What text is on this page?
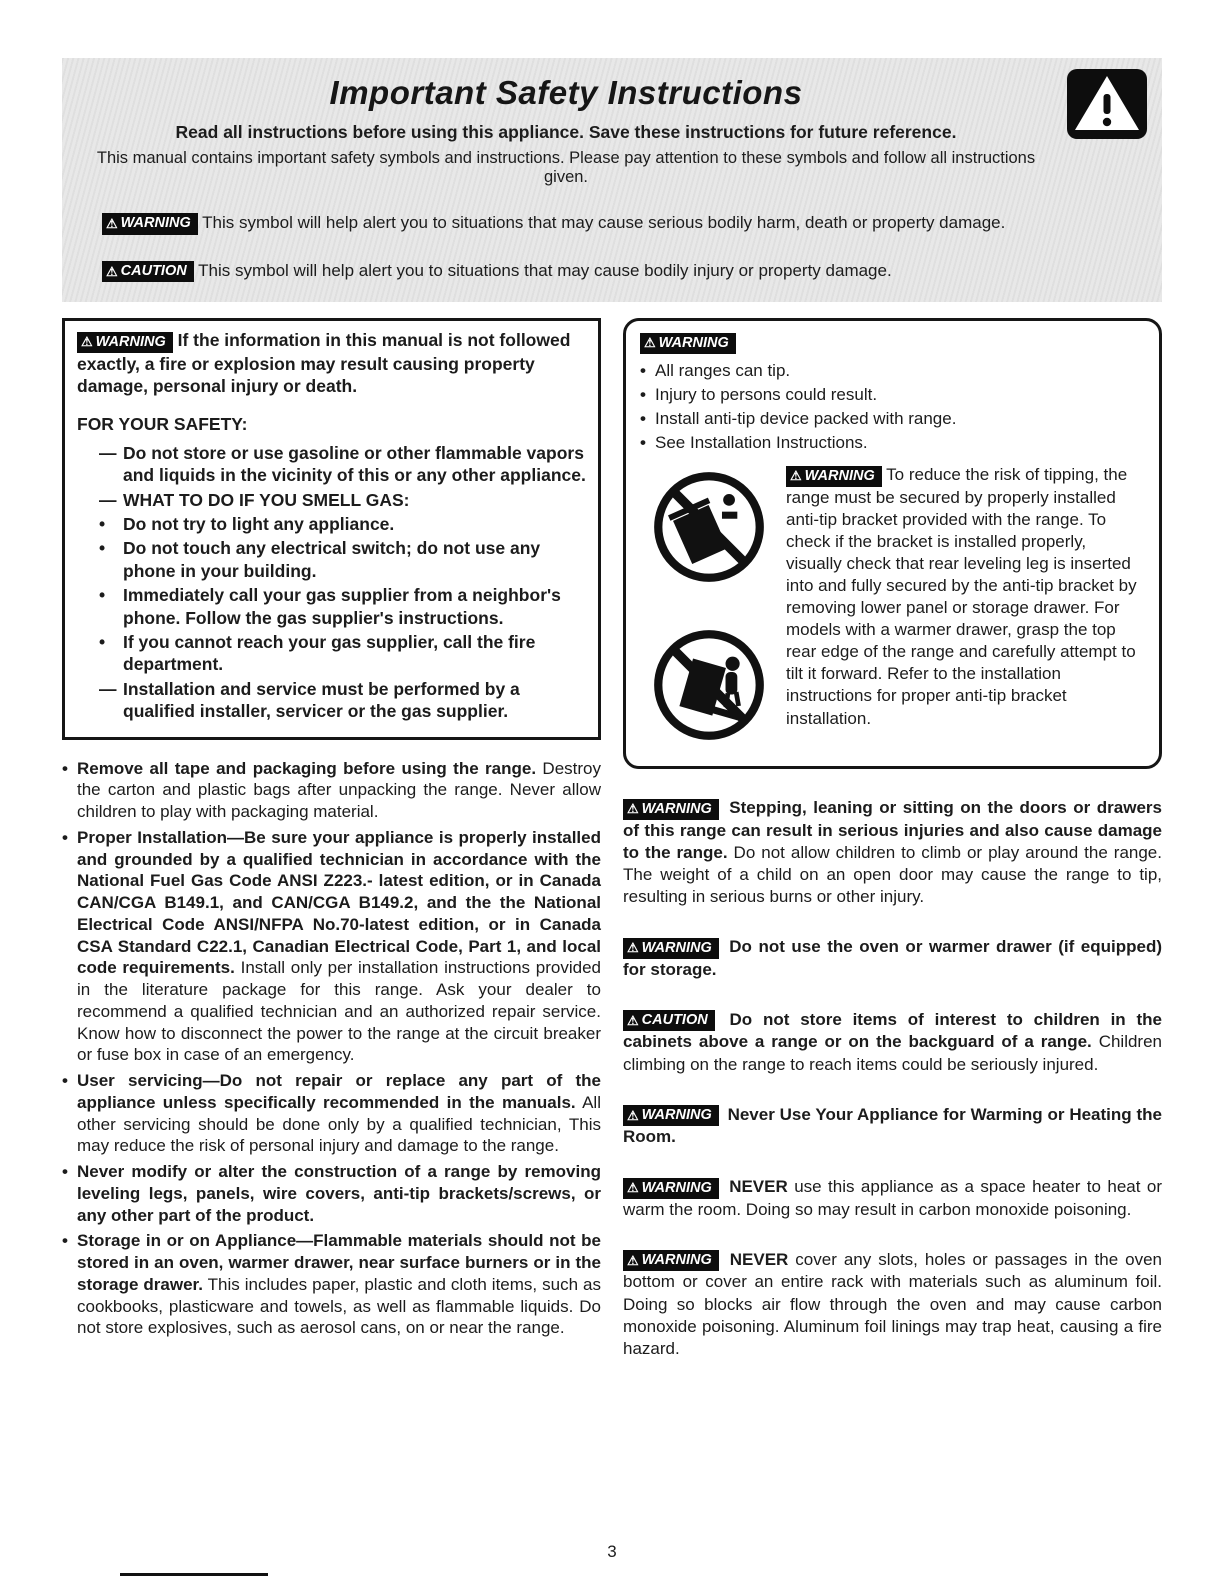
Important Safety Instructions

Read all instructions before using this appliance. Save these instructions for future reference.

This manual contains important safety symbols and instructions. Please pay attention to these symbols and follow all instructions given.

⚠ WARNING This symbol will help alert you to situations that may cause serious bodily harm, death or property damage.

⚠ CAUTION This symbol will help alert you to situations that may cause bodily injury or property damage.

⚠ WARNING If the information in this manual is not followed exactly, a fire or explosion may result causing property damage, personal injury or death.

FOR YOUR SAFETY:

— Do not store or use gasoline or other flammable vapors and liquids in the vicinity of this or any other appliance.
— WHAT TO DO IF YOU SMELL GAS:
•	Do not try to light any appliance.
•	Do not touch any electrical switch; do not use any phone in your building.
•	Immediately call your gas supplier from a neighbor's phone. Follow the gas supplier's instructions.
•	If you cannot reach your gas supplier, call the fire department.
— Installation and service must be performed by a qualified installer, servicer or the gas supplier.
• Remove all tape and packaging before using the range. Destroy the carton and plastic bags after unpacking the range. Never allow children to play with packaging material.
• Proper Installation—Be sure your appliance is properly installed and grounded by a qualified technician in accordance with the National Fuel Gas Code ANSI Z223.- latest edition, or in Canada CAN/CGA B149.1, and CAN/CGA B149.2, and the the National Electrical Code ANSI/NFPA No.70-latest edition, or in Canada CSA Standard C22.1, Canadian Electrical Code, Part 1, and local code requirements. Install only per installation instructions provided in the literature package for this range. Ask your dealer to recommend a qualified technician and an authorized repair service. Know how to disconnect the power to the range at the circuit breaker or fuse box in case of an emergency.
• User servicing—Do not repair or replace any part of the appliance unless specifically recommended in the manuals. All other servicing should be done only by a qualified technician, This may reduce the risk of personal injury and damage to the range.
• Never modify or alter the construction of a range by removing leveling legs, panels, wire covers, anti-tip brackets/screws, or any other part of the product.
• Storage in or on Appliance—Flammable materials should not be stored in an oven, warmer drawer, near surface burners or in the storage drawer. This includes paper, plastic and cloth items, such as cookbooks, plasticware and towels, as well as flammable liquids. Do not store explosives, such as aerosol cans, on or near the range.

⚠ WARNING

• All ranges can tip.
• Injury to persons could result.
• Install anti-tip device packed with range.
• See Installation Instructions.

⚠ WARNING To reduce the risk of tipping, the range must be secured by properly installed anti-tip bracket provided with the range. To check if the bracket is installed properly, visually check that rear leveling leg is inserted into and fully secured by the anti-tip bracket by removing lower panel or storage drawer. For models with a warmer drawer, grasp the top rear edge of the range and carefully attempt to tilt it forward. Refer to the installation instructions for proper anti-tip bracket installation.

⚠ WARNING Stepping, leaning or sitting on the doors or drawers of this range can result in serious injuries and also cause damage to the range. Do not allow children to climb or play around the range. The weight of a child on an open door may cause the range to tip, resulting in serious burns or other injury.

⚠ WARNING Do not use the oven or warmer drawer (if equipped) for storage.

⚠ CAUTION Do not store items of interest to children in the cabinets above a range or on the backguard of a range. Children climbing on the range to reach items could be seriously injured.

⚠ WARNING Never Use Your Appliance for Warming or Heating the Room.

⚠ WARNING NEVER use this appliance as a space heater to heat or warm the room. Doing so may result in carbon monoxide poisoning.

⚠ WARNING NEVER cover any slots, holes or passages in the oven bottom or cover an entire rack with materials such as aluminum foil. Doing so blocks air flow through the oven and may cause carbon monoxide poisoning. Aluminum foil linings may trap heat, causing a fire hazard.

3
